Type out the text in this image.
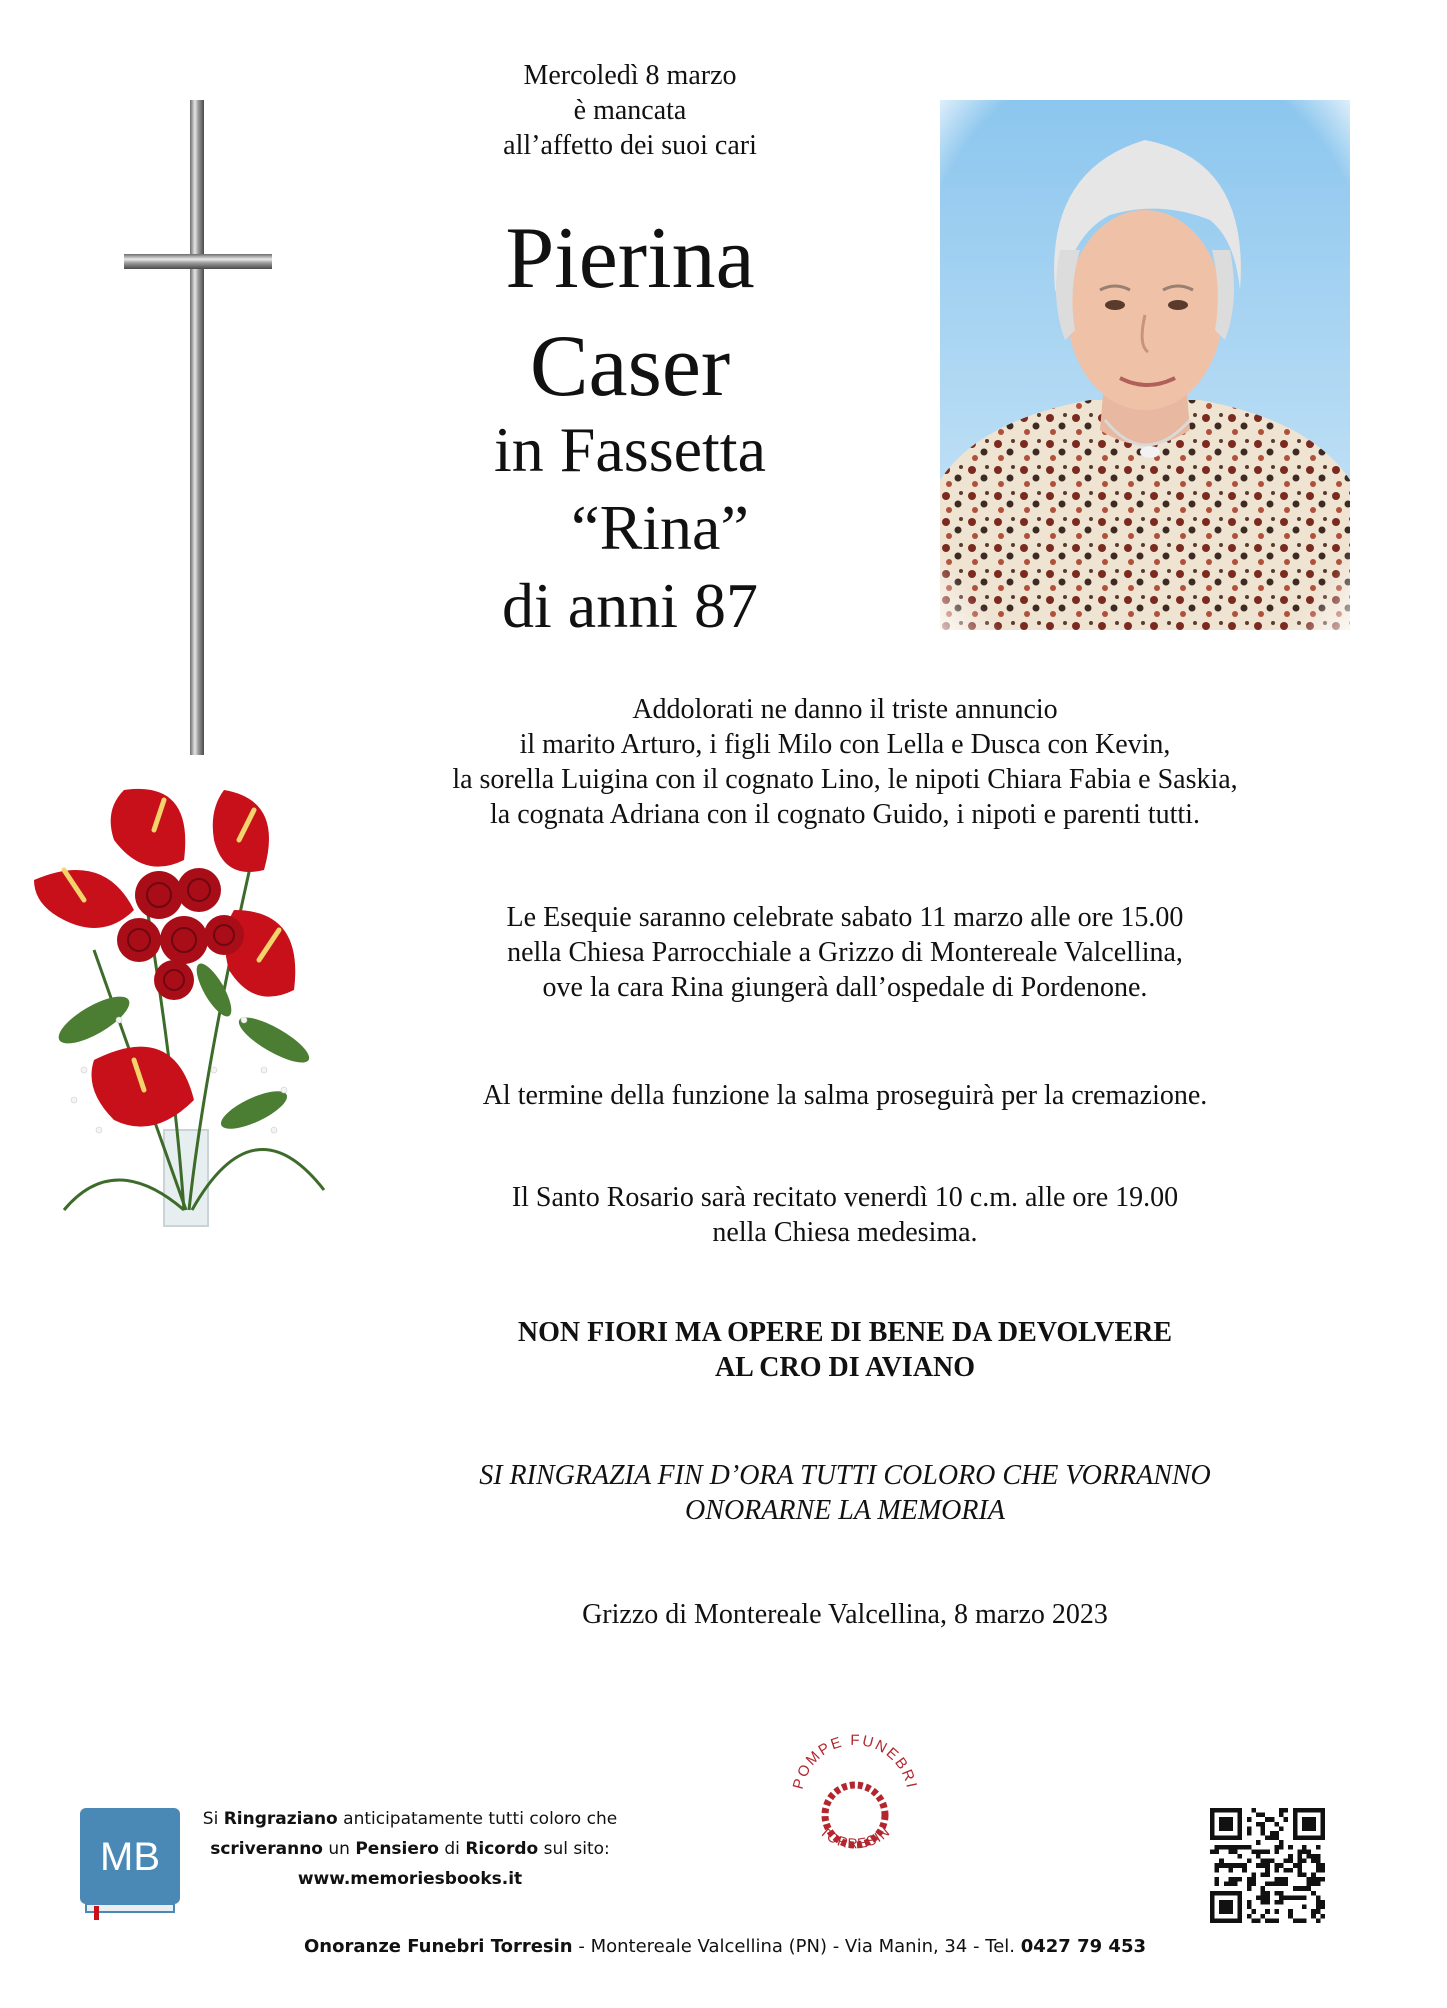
Mercoledì 8 marzo
è mancata
all’affetto dei suoi cari
Pierina
Caser
in Fassetta
“Rina”
di anni 87
Addolorati ne danno il triste annuncio
il marito Arturo, i figli Milo con Lella e Dusca con Kevin,
la sorella Luigina con il cognato Lino, le nipoti Chiara Fabia e Saskia,
la cognata Adriana con il cognato Guido, i nipoti e parenti tutti.
Le Esequie saranno celebrate sabato 11 marzo alle ore 15.00
nella Chiesa Parrocchiale a Grizzo di Montereale Valcellina,
ove la cara Rina giungerà dall’ospedale di Pordenone.
Al termine della funzione la salma proseguirà per la cremazione.
Il Santo Rosario sarà recitato venerdì 10 c.m. alle ore 19.00
nella Chiesa medesima.
NON FIORI MA OPERE DI BENE DA DEVOLVERE
AL CRO DI AVIANO
SI RINGRAZIA FIN D’ORA TUTTI COLORO CHE VORRANNO
ONORARNE LA MEMORIA
Grizzo di Montereale Valcellina, 8 marzo 2023
MB
Si Ringraziano anticipatamente tutti coloro che
scriveranno un Pensiero di Ricordo sul sito:
www.memoriesbooks.it
POMPE FUNEBRI
TORRESIN
Onoranze Funebri Torresin - Montereale Valcellina (PN) - Via Manin, 34 - Tel. 0427 79 453
